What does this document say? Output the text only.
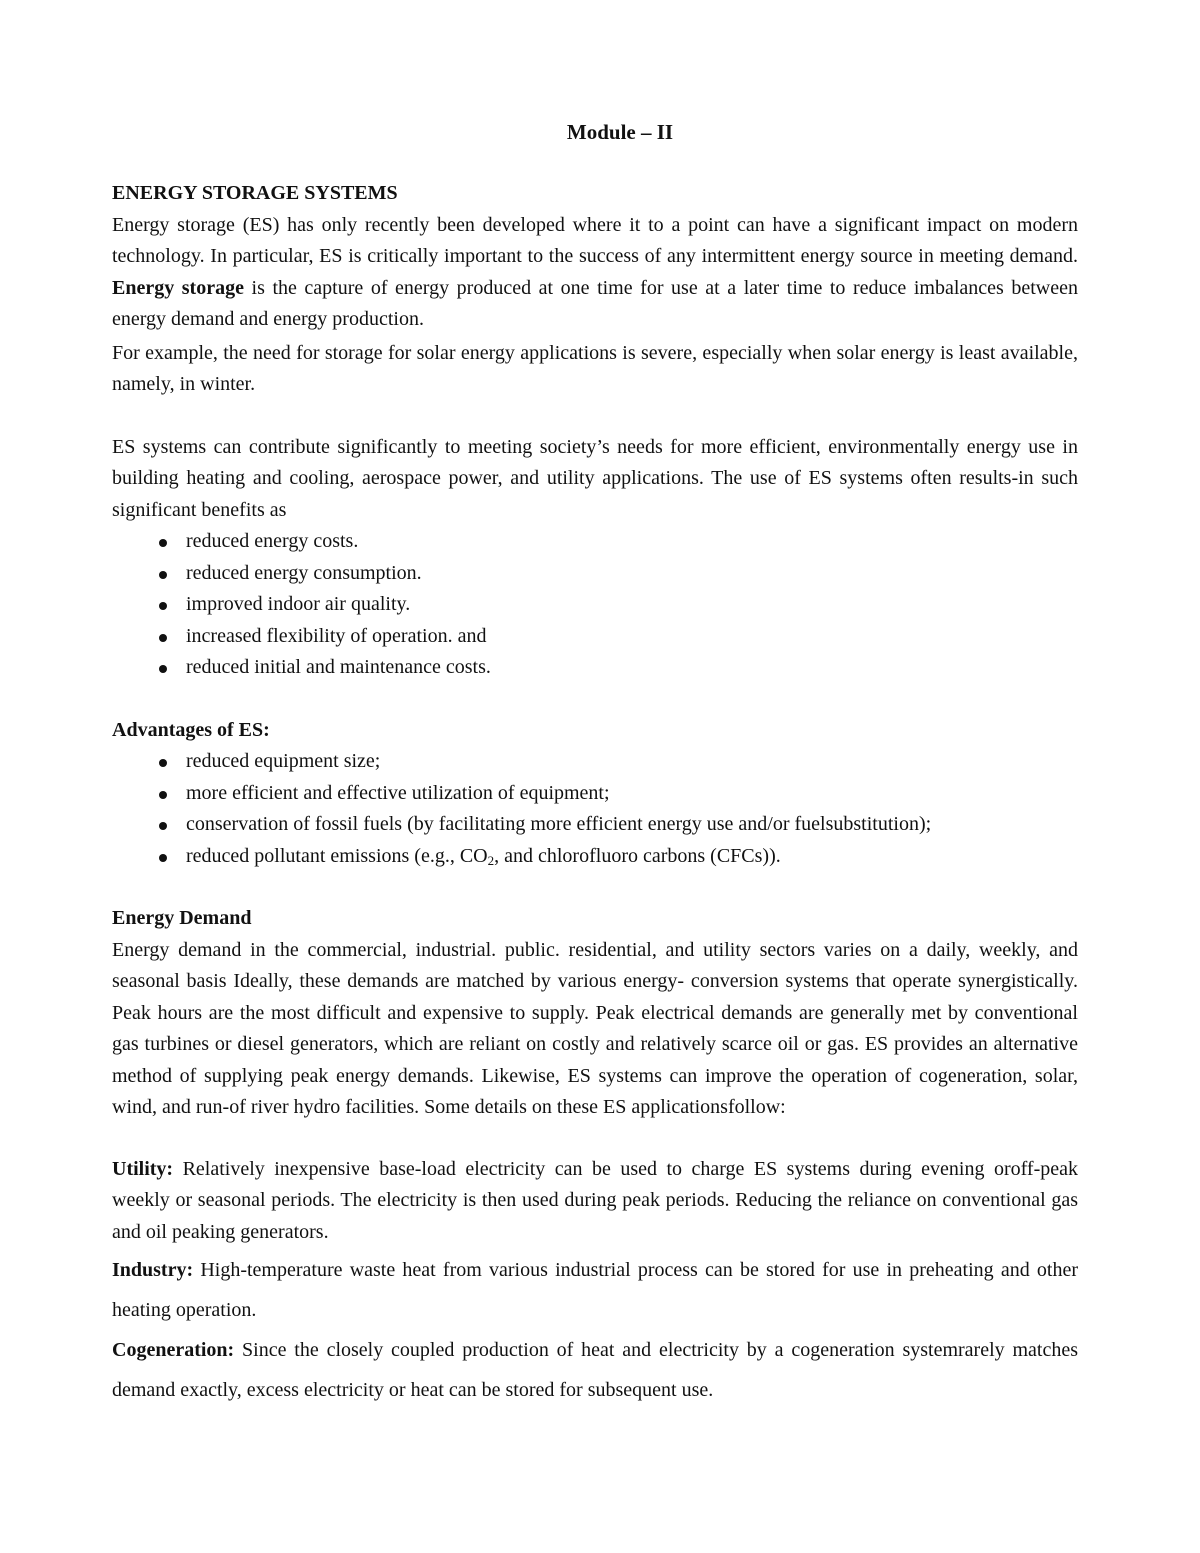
Module – II

ENERGY STORAGE SYSTEMS

Energy storage (ES) has only recently been developed where it to a point can have a significant impact on modern technology. In particular, ES is critically important to the success of any intermittent energy source in meeting demand. Energy storage is the capture of energy produced at one time for use at a later time to reduce imbalances between energy demand and energy production.

For example, the need for storage for solar energy applications is severe, especially when solar energy is least available, namely, in winter.

ES systems can contribute significantly to meeting society’s needs for more efficient, environmentally energy use in building heating and cooling, aerospace power, and utility applications. The use of ES systems often results-in such significant benefits as

reduced energy costs.
reduced energy consumption.
improved indoor air quality.
increased flexibility of operation. and
reduced initial and maintenance costs.

Advantages of ES:

reduced equipment size;
more efficient and effective utilization of equipment;
conservation of fossil fuels (by facilitating more efficient energy use and/or fuelsubstitution);
reduced pollutant emissions (e.g., $CO_2$, and chlorofluoro carbons (CFCs)).

Energy Demand

Energy demand in the commercial, industrial. public. residential, and utility sectors varies on a daily, weekly, and seasonal basis Ideally, these demands are matched by various energy- conversion systems that operate synergistically. Peak hours are the most difficult and expensive to supply. Peak electrical demands are generally met by conventional gas turbines or diesel generators, which are reliant on costly and relatively scarce oil or gas. ES provides an alternative method of supplying peak energy demands. Likewise, ES systems can improve the operation of cogeneration, solar, wind, and run-of river hydro facilities. Some details on these ES applicationsfollow:

Utility: Relatively inexpensive base-load electricity can be used to charge ES systems during evening oroff-peak weekly or seasonal periods. The electricity is then used during peak periods. Reducing the reliance on conventional gas and oil peaking generators.

Industry: High-temperature waste heat from various industrial process can be stored for use in preheating and other heating operation.

Cogeneration: Since the closely coupled production of heat and electricity by a cogeneration systemrarely matches demand exactly, excess electricity or heat can be stored for subsequent use.
